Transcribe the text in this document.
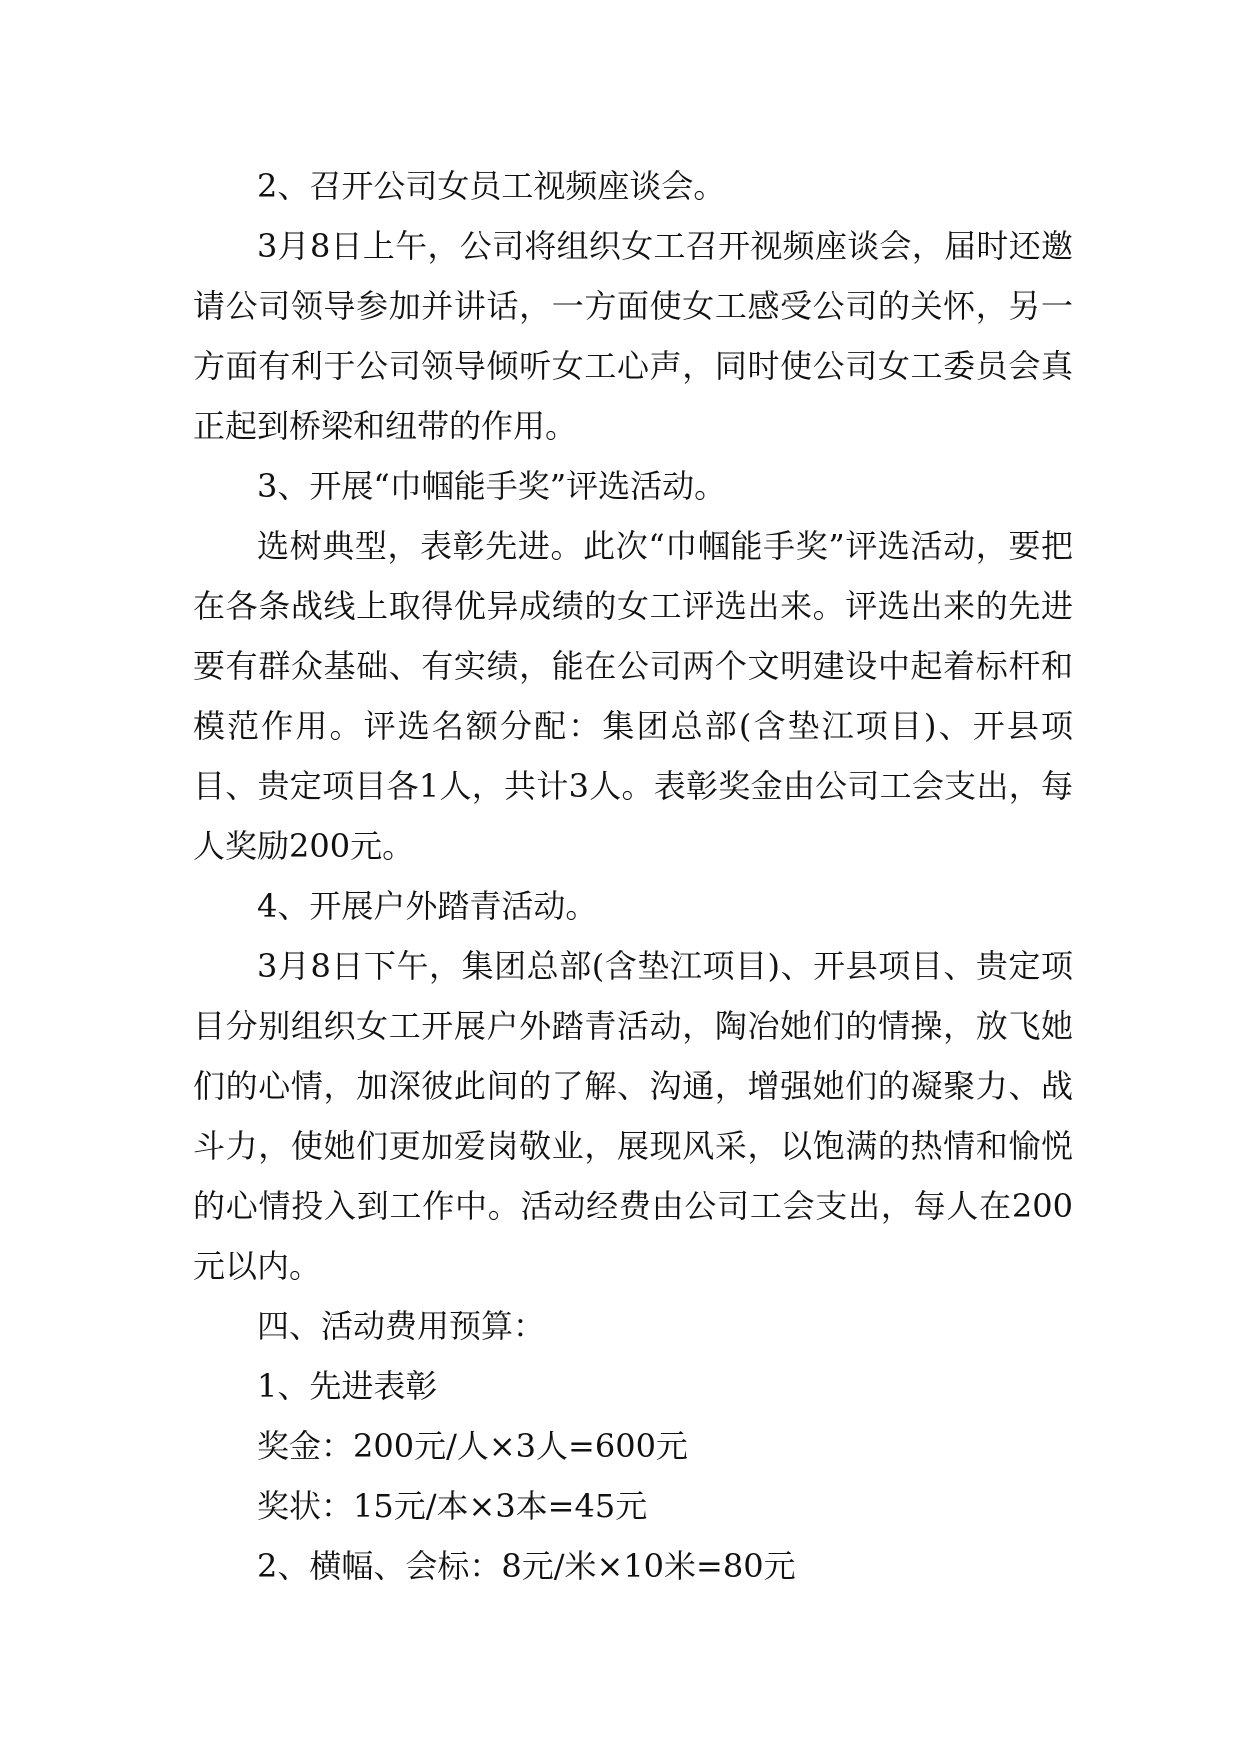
2、召开公司女员工视频座谈会。

3月8日上午，公司将组织女工召开视频座谈会，届时还邀请公司领导参加并讲话，一方面使女工感受公司的关怀，另一方面有利于公司领导倾听女工心声，同时使公司女工委员会真正起到桥梁和纽带的作用。

3、开展“巾帼能手奖”评选活动。

选树典型，表彰先进。此次“巾帼能手奖”评选活动，要把在各条战线上取得优异成绩的女工评选出来。评选出来的先进要有群众基础、有实绩，能在公司两个文明建设中起着标杆和模范作用。评选名额分配：集团总部(含垫江项目)、开县项目、贵定项目各1人，共计3人。表彰奖金由公司工会支出，每人奖励200元。

4、开展户外踏青活动。

3月8日下午，集团总部(含垫江项目)、开县项目、贵定项目分别组织女工开展户外踏青活动，陶冶她们的情操，放飞她们的心情，加深彼此间的了解、沟通，增强她们的凝聚力、战斗力，使她们更加爱岗敬业，展现风采，以饱满的热情和愉悦的心情投入到工作中。活动经费由公司工会支出，每人在200元以内。

四、活动费用预算：

1、先进表彰

奖金：200元/人×3人=600元

奖状：15元/本×3本=45元

2、横幅、会标：8元/米×10米=80元
